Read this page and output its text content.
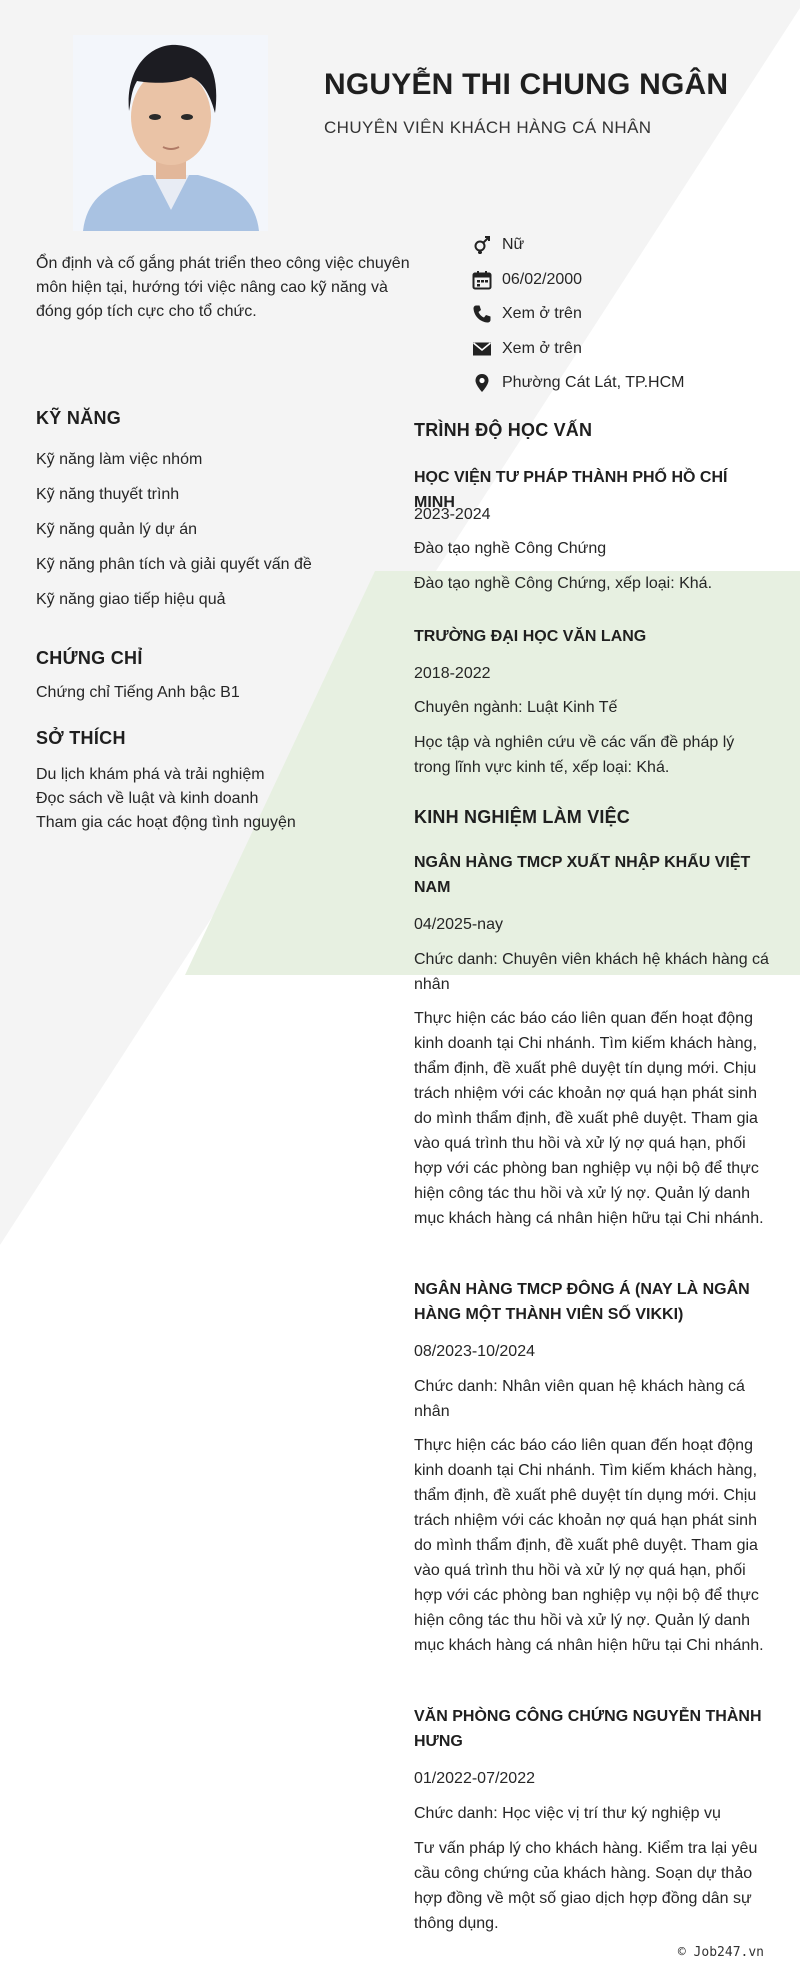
NGUYỄN THI CHUNG NGÂN
CHUYÊN VIÊN KHÁCH HÀNG CÁ NHÂN
Ổn định và cố gắng phát triển theo công việc chuyên môn hiện tại, hướng tới việc nâng cao kỹ năng và đóng góp tích cực cho tổ chức.
Nữ
06/02/2000
Xem ở trên
Xem ở trên
Phường Cát Lát, TP.HCM
KỸ NĂNG
Kỹ năng làm việc nhóm
Kỹ năng thuyết trình
Kỹ năng quản lý dự án
Kỹ năng phân tích và giải quyết vấn đề
Kỹ năng giao tiếp hiệu quả
CHỨNG CHỈ
Chứng chỉ Tiếng Anh bậc B1
SỞ THÍCH
Du lịch khám phá và trải nghiệm
Đọc sách về luật và kinh doanh
Tham gia các hoạt động tình nguyện
TRÌNH ĐỘ HỌC VẤN
HỌC VIỆN TƯ PHÁP THÀNH PHỐ HỒ CHÍ MINH
2023-2024
Đào tạo nghề Công Chứng
Đào tạo nghề Công Chứng, xếp loại: Khá.
TRƯỜNG ĐẠI HỌC VĂN LANG
2018-2022
Chuyên ngành: Luật Kinh Tế
Học tập và nghiên cứu về các vấn đề pháp lý trong lĩnh vực kinh tế, xếp loại: Khá.
KINH NGHIỆM LÀM VIỆC
NGÂN HÀNG TMCP XUẤT NHẬP KHẨU VIỆT NAM
04/2025-nay
Chức danh: Chuyên viên khách hệ khách hàng cá nhân
Thực hiện các báo cáo liên quan đến hoạt động kinh doanh tại Chi nhánh. Tìm kiếm khách hàng, thẩm định, đề xuất phê duyệt tín dụng mới. Chịu trách nhiệm với các khoản nợ quá hạn phát sinh do mình thẩm định, đề xuất phê duyệt. Tham gia vào quá trình thu hồi và xử lý nợ quá hạn, phối hợp với các phòng ban nghiệp vụ nội bộ để thực hiện công tác thu hồi và xử lý nợ. Quản lý danh mục khách hàng cá nhân hiện hữu tại Chi nhánh.
NGÂN HÀNG TMCP ĐÔNG Á (NAY LÀ NGÂN HÀNG MỘT THÀNH VIÊN SỐ VIKKI)
08/2023-10/2024
Chức danh: Nhân viên quan hệ khách hàng cá nhân
Thực hiện các báo cáo liên quan đến hoạt động kinh doanh tại Chi nhánh. Tìm kiếm khách hàng, thẩm định, đề xuất phê duyệt tín dụng mới. Chịu trách nhiệm với các khoản nợ quá hạn phát sinh do mình thẩm định, đề xuất phê duyệt. Tham gia vào quá trình thu hồi và xử lý nợ quá hạn, phối hợp với các phòng ban nghiệp vụ nội bộ để thực hiện công tác thu hồi và xử lý nợ. Quản lý danh mục khách hàng cá nhân hiện hữu tại Chi nhánh.
VĂN PHÒNG CÔNG CHỨNG NGUYỄN THÀNH HƯNG
01/2022-07/2022
Chức danh: Học việc vị trí thư ký nghiệp vụ
Tư vấn pháp lý cho khách hàng. Kiểm tra lại yêu cầu công chứng của khách hàng. Soạn dự thảo hợp đồng về một số giao dịch hợp đồng dân sự thông dụng.
© Job247.vn
